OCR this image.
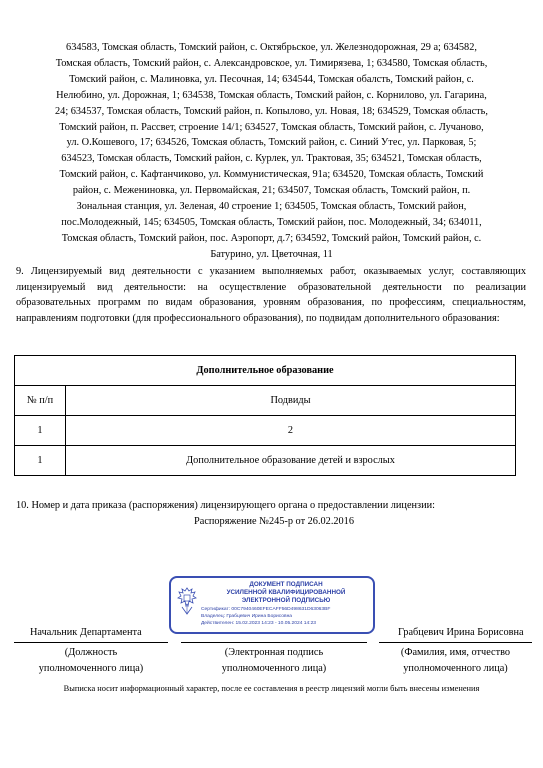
634583, Томская область, Томский район, с. Октябрьское, ул. Железнодорожная, 29 а; 634582,
Томская область, Томский район, с. Александровское, ул. Тимирязева, 1; 634580, Томская область,
Томский район, с. Малиновка, ул. Песочная, 14; 634544, Томская обалсть, Томский район, с.
Нелюбино, ул. Дорожная, 1; 634538, Томская область, Томский район, с. Корнилово, ул. Гагарина,
24; 634537, Томская область, Томский район, п. Копылово, ул. Новая, 18; 634529, Томская область,
Томский район, п. Рассвет, строение 14/1; 634527, Томская область, Томский район, с. Лучаново,
ул. О.Кошевого, 17; 634526, Томская область, Томский район, с. Синий Утес, ул. Парковая, 5;
634523, Томская область, Томский район, с. Курлек, ул. Трактовая, 35; 634521, Томская область,
Томский район, с. Кафтанчиково, ул. Коммунистическая, 91а; 634520, Томская область, Томский
район, с. Межениновка, ул. Первомайская, 21; 634507, Томская область, Томский район, п.
Зональная станция, ул. Зеленая, 40 строение 1; 634505, Томская область, Томский район,
пос.Молодежный, 145; 634505, Томская область, Томский район, пос. Молодежный, 34; 634011,
Томская область, Томский район, пос. Аэропорт, д.7; 634592, Томский район, Томский район, с.
Батурино, ул. Цветочная, 11
9. Лицензируемый вид деятельности с указанием выполняемых работ, оказываемых услуг, составляющих лицензируемый вид деятельности: на осуществление образовательной деятельности по реализации образовательных программ по видам образования, уровням образования, по профессиям, специальностям, направлениям подготовки (для профессионального образования), по подвидам дополнительного образования:
Дополнительное образование	
№ п/п	Подвиды
1	2
1	Дополнительное образование детей и взрослых
10. Номер и дата приказа (распоряжения) лицензирующего органа о предоставлении лицензии:
Распоряжение №245-р от 26.02.2016
ДОКУМЕНТ ПОДПИСАН
УСИЛЕННОЙ КВАЛИФИЦИРОВАННОЙ
ЭЛЕКТРОННОЙ ПОДПИСЬЮ
Сертификат: 00C7940460EFECAFF56D498631D63063BF
Владелец: Грабцевич Ирина Борисовна
Действителен: 15.02.2023 14:23 - 10.05.2024 14:23
Начальник Департамента	Грабцевич Ирина Борисовна
(Должность
уполномоченного лица)
(Электронная подпись
уполномоченного лица)
(Фамилия, имя, отчество
уполномоченного лица)
Выписка носит информационный характер, после ее составления в реестр лицензий могли быть внесены изменения
